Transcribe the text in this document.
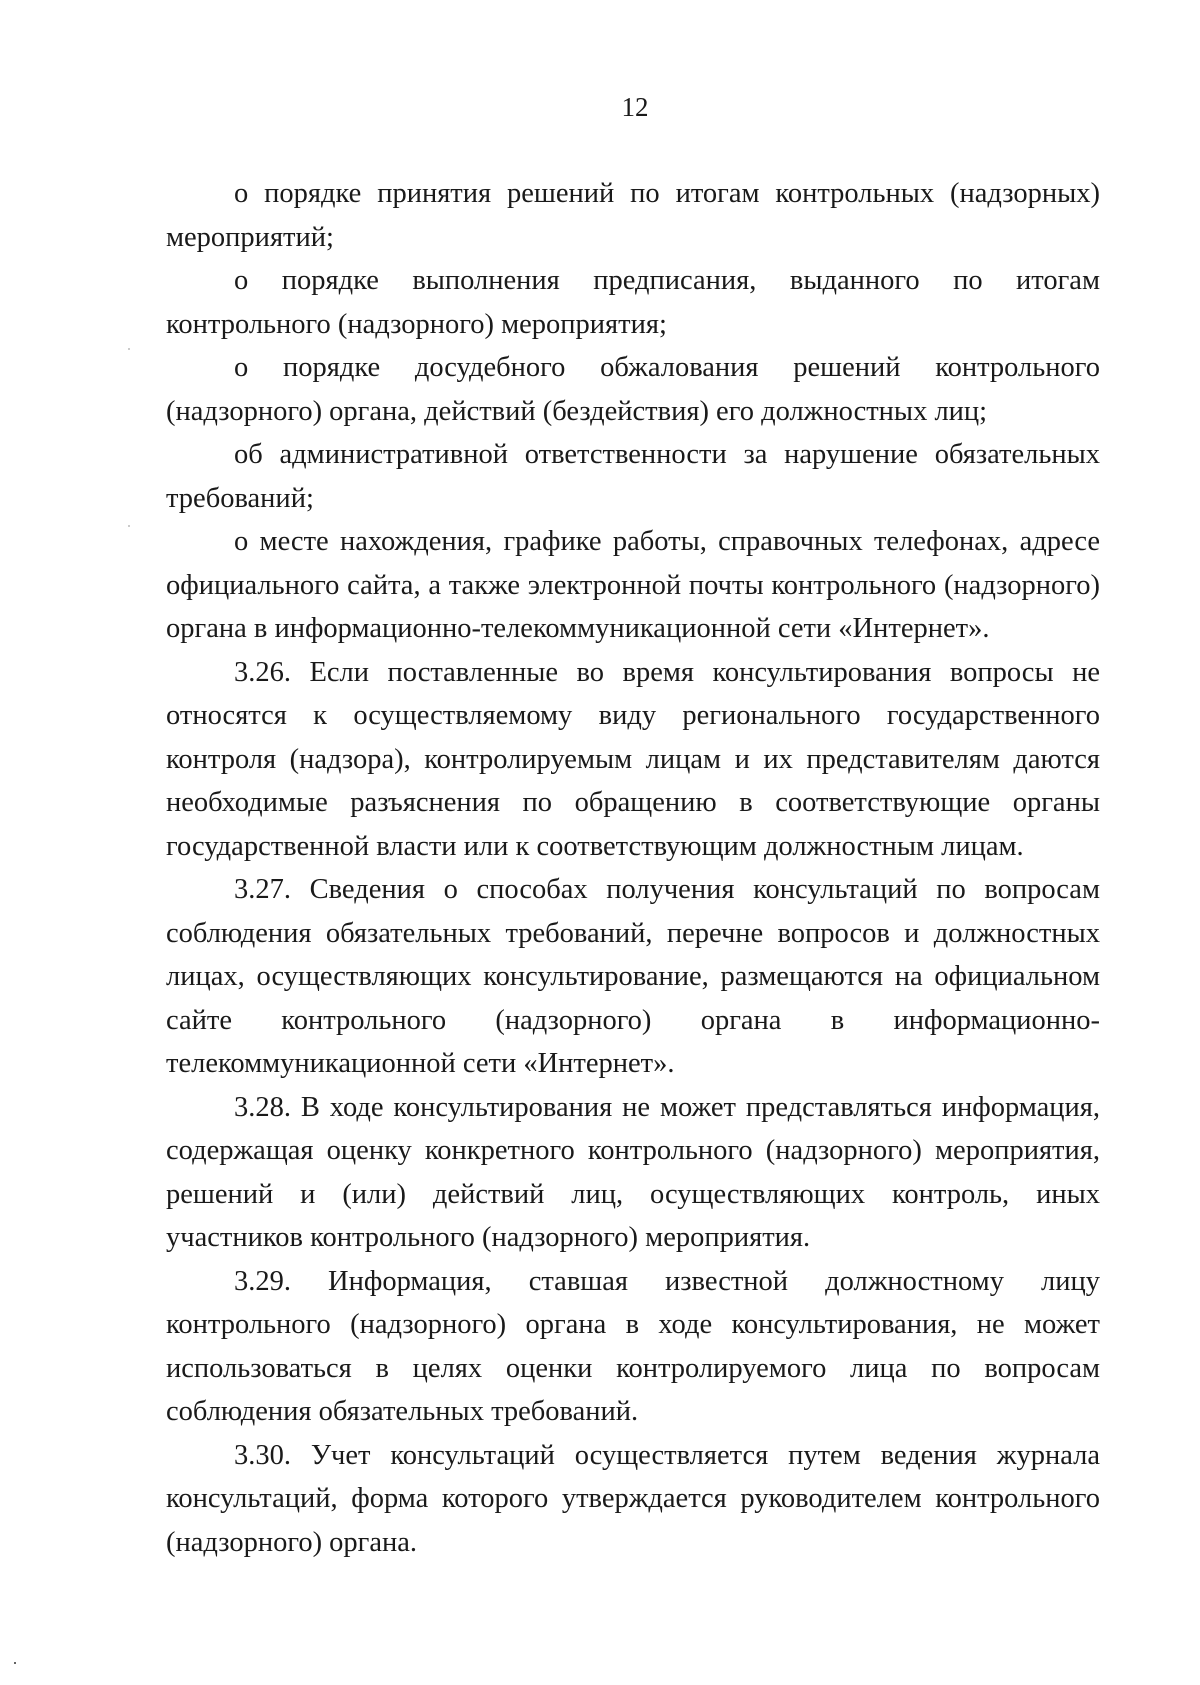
12

о порядке принятия решений по итогам контрольных (надзорных) мероприятий;

о порядке выполнения предписания, выданного по итогам контрольного (надзорного) мероприятия;

о порядке досудебного обжалования решений контрольного (надзорного) органа, действий (бездействия) его должностных лиц;

об административной ответственности за нарушение обязательных требований;

о месте нахождения, графике работы, справочных телефонах, адресе официального сайта, а также электронной почты контрольного (надзорного) органа в информационно-телекоммуникационной сети «Интернет».

3.26. Если поставленные во время консультирования вопросы не относятся к осуществляемому виду регионального государственного контроля (надзора), контролируемым лицам и их представителям даются необходимые разъяснения по обращению в соответствующие органы государственной власти или к соответствующим должностным лицам.

3.27. Сведения о способах получения консультаций по вопросам соблюдения обязательных требований, перечне вопросов и должностных лицах, осуществляющих консультирование, размещаются на официальном сайте контрольного (надзорного) органа в информационно-телекоммуникационной сети «Интернет».

3.28. В ходе консультирования не может представляться информация, содержащая оценку конкретного контрольного (надзорного) мероприятия, решений и (или) действий лиц, осуществляющих контроль, иных участников контрольного (надзорного) мероприятия.

3.29. Информация, ставшая известной должностному лицу контрольного (надзорного) органа в ходе консультирования, не может использоваться в целях оценки контролируемого лица по вопросам соблюдения обязательных требований.

3.30. Учет консультаций осуществляется путем ведения журнала консультаций, форма которого утверждается руководителем контрольного (надзорного) органа.
